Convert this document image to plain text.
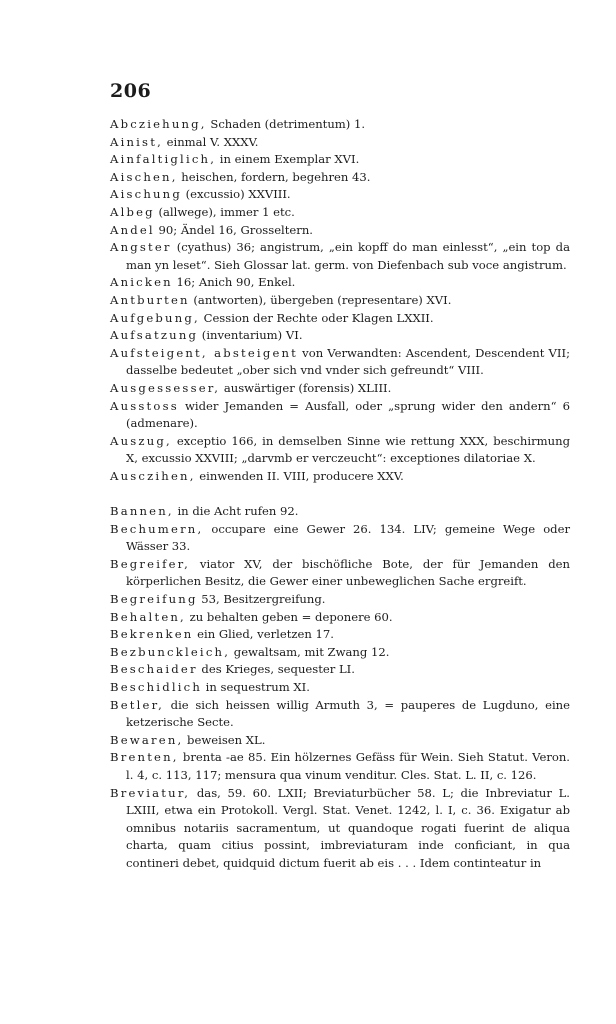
206

Abcziehung, Schaden (detrimentum) 1.

Ainist, einmal V. XXXV.

Ainfaltiglich, in einem Exemplar XVI.

Aischen, heischen, fordern, begehren 43.

Aischung (excussio) XXVIII.

Albeg (allwege), immer 1 etc.

Andel 90; Ändel 16, Grosseltern.

Angster (cyathus) 36; angistrum, „ein kopff do man einlesst“, „ein top da man yn leset“. Sieh Glossar lat. germ. von Diefenbach sub voce angistrum.

Anicken 16; Anich 90, Enkel.

Antburten (antworten), übergeben (representare) XVI.

Aufgebung, Cession der Rechte oder Klagen LXXII.

Aufsatzung (inventarium) VI.

Aufsteigent, absteigent von Verwandten: Ascendent, Descendent VII; dasselbe bedeutet „ober sich vnd vnder sich gefreundt“ VIII.

Ausgessesser, auswärtiger (forensis) XLIII.

Ausstoss wider Jemanden = Ausfall, oder „sprung wider den andern“ 6 (admenare).

Auszug, exceptio 166, in demselben Sinne wie rettung XXX, beschirmung X, excussio XXVIII; „darvmb er verczeucht“: exceptiones dilatoriae X.

Ausczihen, einwenden II. VIII, producere XXV.

Bannen, in die Acht rufen 92.

Bechumern, occupare eine Gewer 26. 134. LIV; gemeine Wege oder Wässer 33.

Begreifer, viator XV, der bischöfliche Bote, der für Jemanden den körperlichen Besitz, die Gewer einer unbeweglichen Sache ergreift.

Begreifung 53, Besitzergreifung.

Behalten, zu behalten geben = deponere 60.

Bekrenken ein Glied, verletzen 17.

Bezbunckleich, gewaltsam, mit Zwang 12.

Beschaider des Krieges, sequester LI.

Beschidlich in sequestrum XI.

Betler, die sich heissen willig Armuth 3, = pauperes de Lugduno, eine ketzerische Secte.

Bewaren, beweisen XL.

Brenten, brenta -ae 85. Ein hölzernes Gefäss für Wein. Sieh Statut. Veron. l. 4, c. 113, 117; mensura qua vinum venditur. Cles. Stat. L. II, c. 126.

Breviatur, das, 59. 60. LXII; Breviaturbücher 58. L; die Inbreviatur L. LXIII, etwa ein Protokoll. Vergl. Stat. Venet. 1242, l. I, c. 36. Exigatur ab omnibus notariis sacramentum, ut quandoque rogati fuerint de aliqua charta, quam citius possint, imbreviaturam inde conficiant, in qua contineri debet, quidquid dictum fuerit ab eis . . . Idem continteatur in
